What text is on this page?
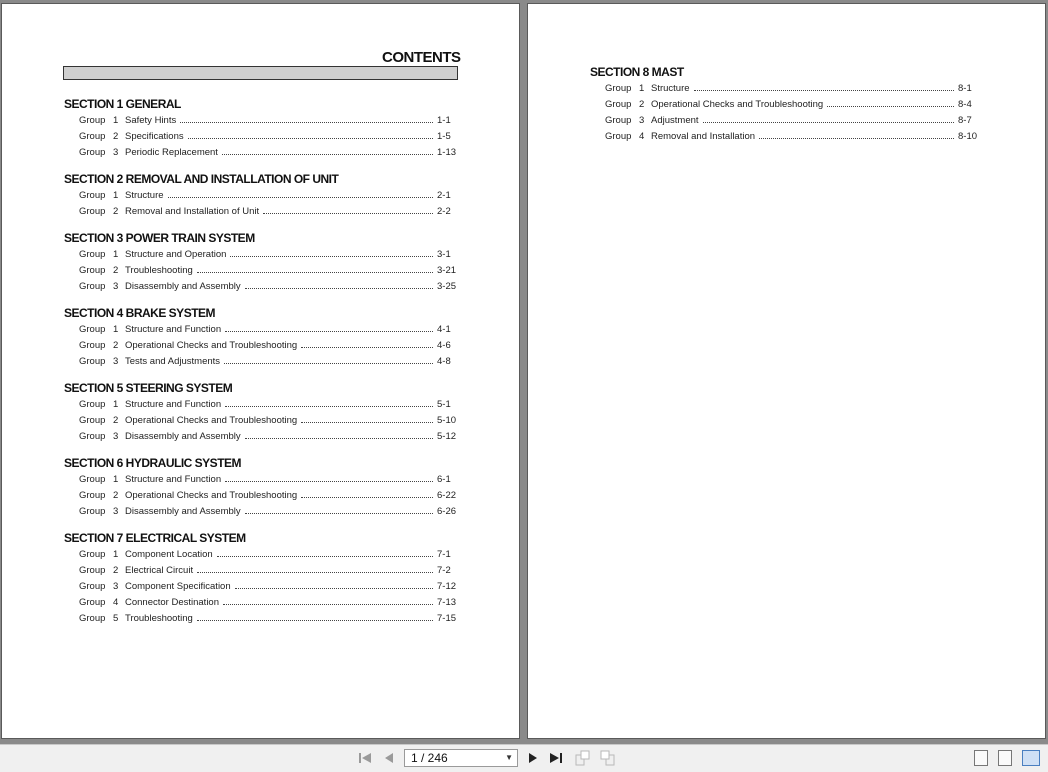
CONTENTS
SECTION 1 GENERAL
Group 1 Safety Hints	1-1
Group 2 Specifications	1-5
Group 3 Periodic Replacement	1-13
SECTION 2 REMOVAL AND INSTALLATION OF UNIT
Group 1 Structure	2-1
Group 2 Removal and Installation of Unit	2-2
SECTION 3 POWER TRAIN SYSTEM
Group 1 Structure and Operation	3-1
Group 2 Troubleshooting	3-21
Group 3 Disassembly and Assembly	3-25
SECTION 4 BRAKE SYSTEM
Group 1 Structure and Function	4-1
Group 2 Operational Checks and Troubleshooting	4-6
Group 3 Tests and Adjustments	4-8
SECTION 5 STEERING SYSTEM
Group 1 Structure and Function	5-1
Group 2 Operational Checks and Troubleshooting	5-10
Group 3 Disassembly and Assembly	5-12
SECTION 6 HYDRAULIC SYSTEM
Group 1 Structure and Function	6-1
Group 2 Operational Checks and Troubleshooting	6-22
Group 3 Disassembly and Assembly	6-26
SECTION 7 ELECTRICAL SYSTEM
Group 1 Component Location	7-1
Group 2 Electrical Circuit	7-2
Group 3 Component Specification	7-12
Group 4 Connector Destination	7-13
Group 5 Troubleshooting	7-15
SECTION 8 MAST
Group 1 Structure	8-1
Group 2 Operational Checks and Troubleshooting	8-4
Group 3 Adjustment	8-7
Group 4 Removal and Installation	8-10
1 / 246	▼
